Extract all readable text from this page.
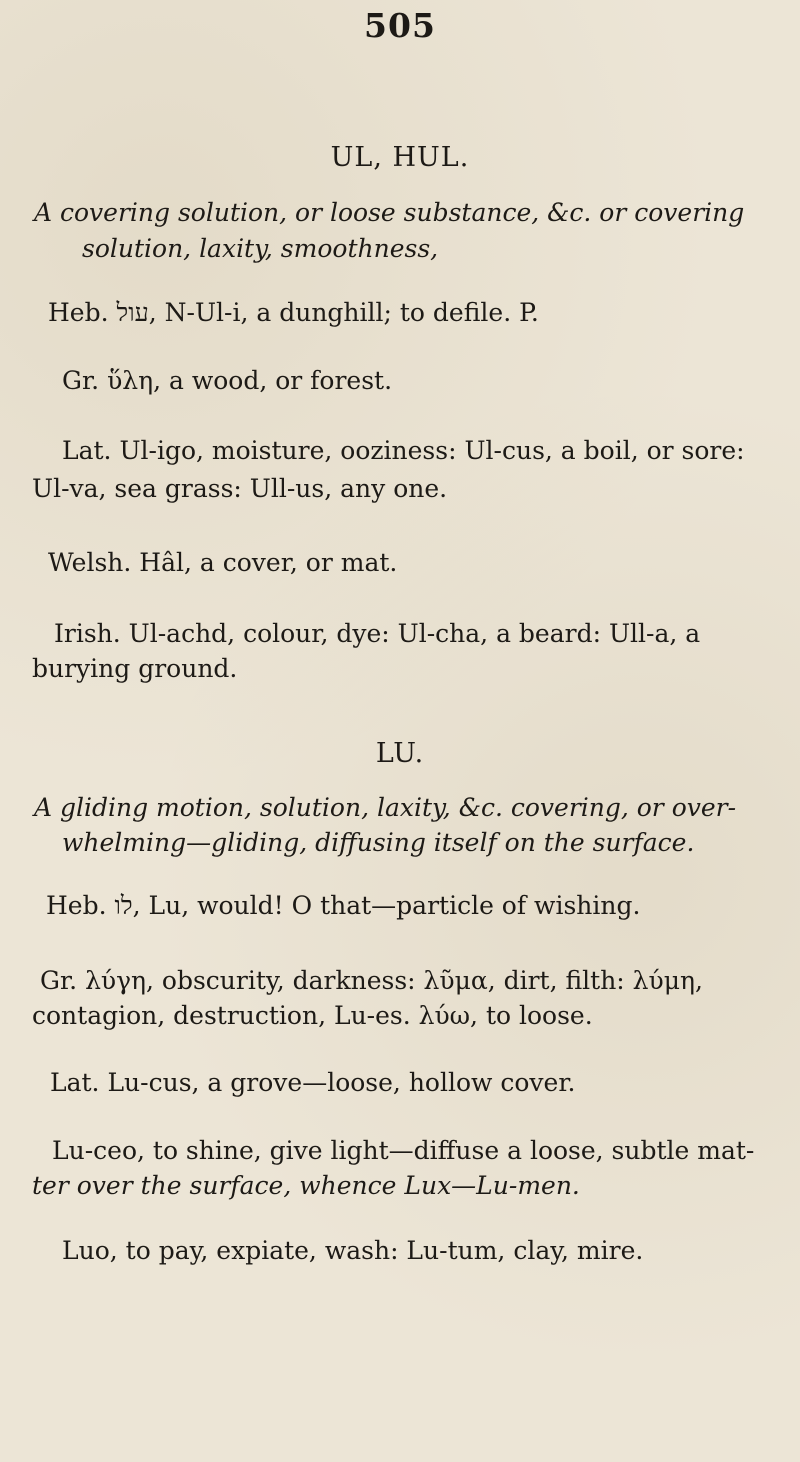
505
UL, HUL.
A covering solution, or loose substance, &c. or covering
solution, laxity, smoothness,
Heb. עול, N-Ul-i, a dunghill; to defile. P.
Gr. ὕλη, a wood, or forest.
Lat. Ul-igo, moisture, ooziness: Ul-cus, a boil, or sore:
Ul-va, sea grass: Ull-us, any one.
Welsh. Hâl, a cover, or mat.
Irish. Ul-achd, colour, dye: Ul-cha, a beard: Ull-a, a
burying ground.
LU.
A gliding motion, solution, laxity, &c. covering, or over-
whelming—gliding, diffusing itself on the surface.
Heb. לו, Lu, would! O that—particle of wishing.
Gr. λύγη, obscurity, darkness: λῦμα, dirt, filth: λύμη,
contagion, destruction, Lu-es. λύω, to loose.
Lat. Lu-cus, a grove—loose, hollow cover.
Lu-ceo, to shine, give light—diffuse a loose, subtle mat-
ter over the surface, whence Lux—Lu-men.
Luo, to pay, expiate, wash: Lu-tum, clay, mire.
